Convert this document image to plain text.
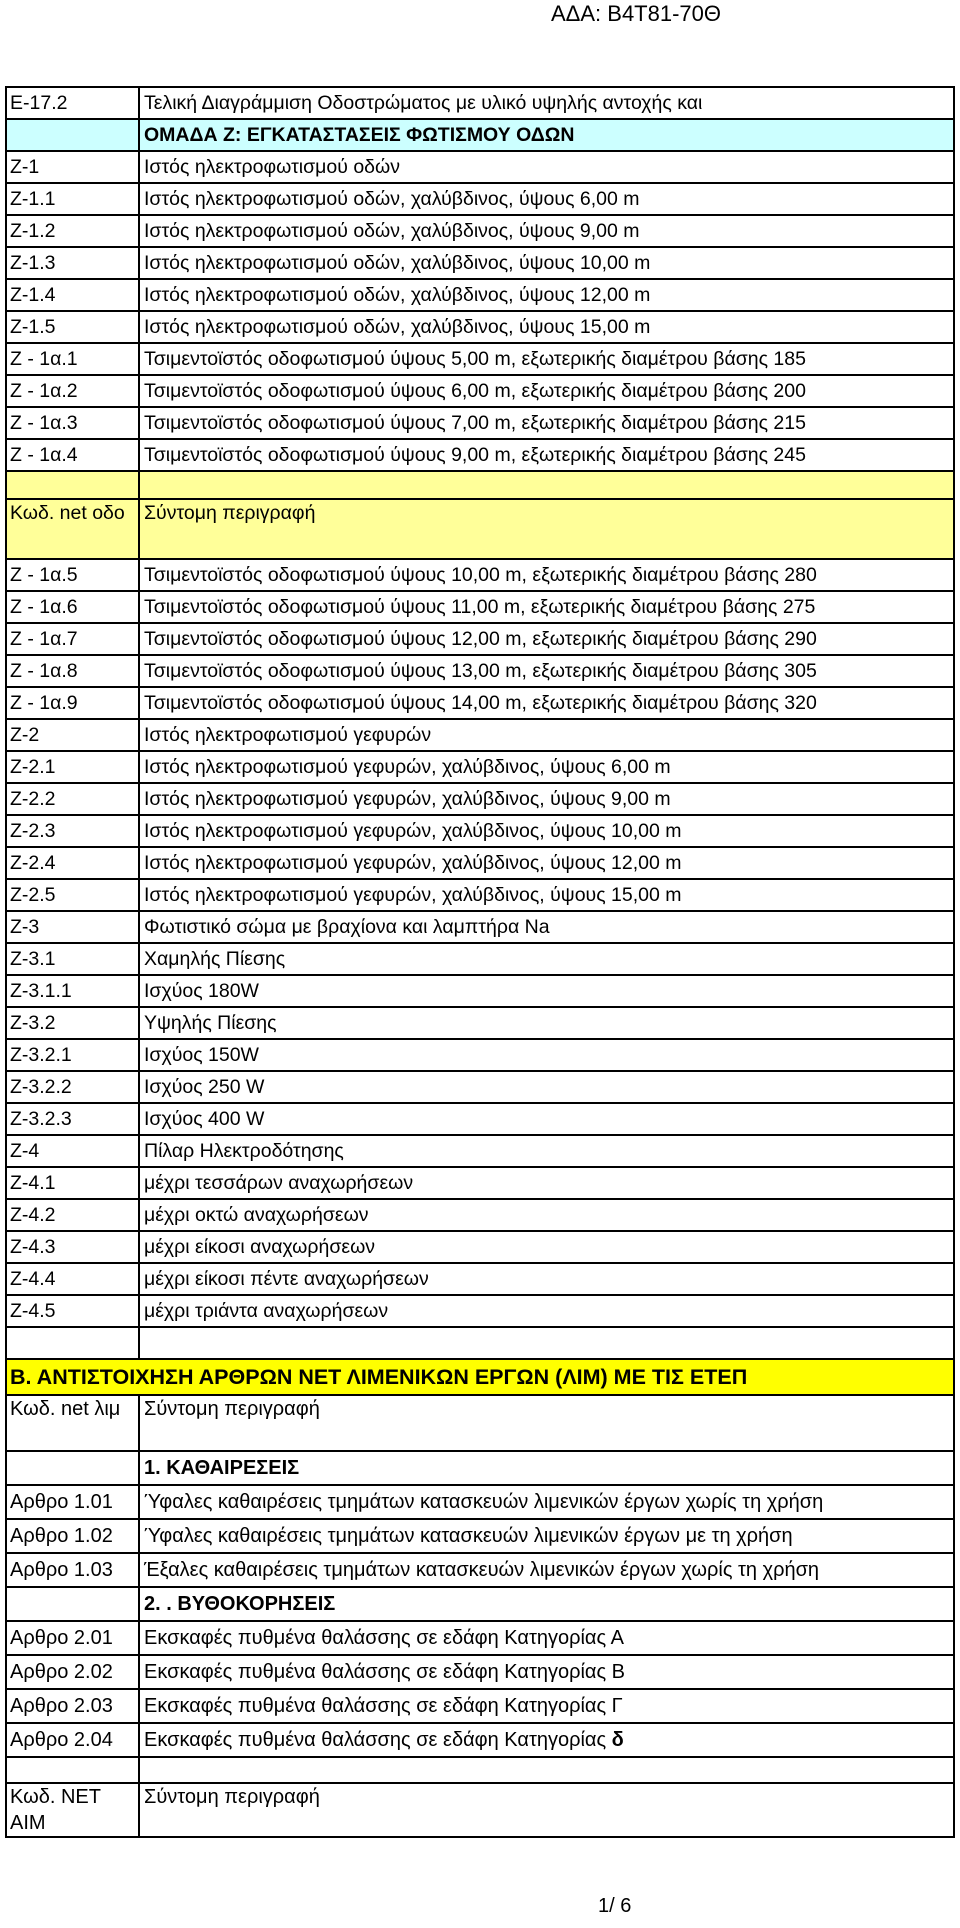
ΑΔΑ: Β4Τ81-70Θ
Ε-17.2	Τελική Διαγράμμιση Οδοστρώματος με υλικό υψηλής αντοχής και
	ΟΜΑΔΑ Ζ: ΕΓΚΑΤΑΣΤΑΣΕΙΣ ΦΩΤΙΣΜΟΥ ΟΔΩΝ
Ζ-1	Ιστός ηλεκτροφωτισμού οδών
Ζ-1.1	Ιστός ηλεκτροφωτισμού οδών, χαλύβδινος, ύψους 6,00 m
Ζ-1.2	Ιστός ηλεκτροφωτισμού οδών, χαλύβδινος, ύψους 9,00 m
Ζ-1.3	Ιστός ηλεκτροφωτισμού οδών, χαλύβδινος, ύψους 10,00 m
Ζ-1.4	Ιστός ηλεκτροφωτισμού οδών, χαλύβδινος, ύψους 12,00 m
Ζ-1.5	Ιστός ηλεκτροφωτισμού οδών, χαλύβδινος, ύψους 15,00 m
Ζ - 1α.1	Τσιμεντοϊστός οδοφωτισμού ύψους 5,00 m, εξωτερικής διαμέτρου βάσης 185
Ζ - 1α.2	Τσιμεντοϊστός οδοφωτισμού ύψους 6,00 m, εξωτερικής διαμέτρου βάσης 200
Ζ - 1α.3	Τσιμεντοϊστός οδοφωτισμού ύψους 7,00 m, εξωτερικής διαμέτρου βάσης 215
Ζ - 1α.4	Τσιμεντοϊστός οδοφωτισμού ύψους 9,00 m, εξωτερικής διαμέτρου βάσης 245

Κωδ. net οδο	Σύντομη περιγραφή
Ζ - 1α.5	Τσιμεντοϊστός οδοφωτισμού ύψους 10,00 m, εξωτερικής διαμέτρου βάσης 280
Ζ - 1α.6	Τσιμεντοϊστός οδοφωτισμού ύψους 11,00 m, εξωτερικής διαμέτρου βάσης 275
Ζ - 1α.7	Τσιμεντοϊστός οδοφωτισμού ύψους 12,00 m, εξωτερικής διαμέτρου βάσης 290
Ζ - 1α.8	Τσιμεντοϊστός οδοφωτισμού ύψους 13,00 m, εξωτερικής διαμέτρου βάσης 305
Ζ - 1α.9	Τσιμεντοϊστός οδοφωτισμού ύψους 14,00 m, εξωτερικής διαμέτρου βάσης 320
Ζ-2	Ιστός ηλεκτροφωτισμού γεφυρών
Ζ-2.1	Ιστός ηλεκτροφωτισμού γεφυρών, χαλύβδινος, ύψους 6,00 m
Ζ-2.2	Ιστός ηλεκτροφωτισμού γεφυρών, χαλύβδινος, ύψους 9,00 m
Ζ-2.3	Ιστός ηλεκτροφωτισμού γεφυρών, χαλύβδινος, ύψους 10,00 m
Ζ-2.4	Ιστός ηλεκτροφωτισμού γεφυρών, χαλύβδινος, ύψους 12,00 m
Ζ-2.5	Ιστός ηλεκτροφωτισμού γεφυρών, χαλύβδινος, ύψους 15,00 m
Ζ-3	Φωτιστικό σώμα με βραχίονα και λαμπτήρα Na
Ζ-3.1	Χαμηλής Πίεσης
Ζ-3.1.1	Ισχύος 180W
Ζ-3.2	Υψηλής Πίεσης
Ζ-3.2.1	Ισχύος 150W
Ζ-3.2.2	Ισχύος 250 W
Ζ-3.2.3	Ισχύος 400 W
Ζ-4	Πίλαρ Ηλεκτροδότησης
Ζ-4.1	μέχρι τεσσάρων αναχωρήσεων
Ζ-4.2	μέχρι οκτώ αναχωρήσεων
Ζ-4.3	μέχρι είκοσι αναχωρήσεων
Ζ-4.4	μέχρι είκοσι πέντε αναχωρήσεων
Ζ-4.5	μέχρι τριάντα αναχωρήσεων

Β. ΑΝΤΙΣΤΟΙΧΗΣΗ ΑΡΘΡΩΝ ΝΕΤ ΛΙΜΕΝΙΚΩΝ ΕΡΓΩΝ (ΛΙΜ) ΜΕ ΤΙΣ ΕΤΕΠ	
Κωδ. net λιμ	Σύντομη περιγραφή
	1. ΚΑΘΑΙΡΕΣΕΙΣ
Αρθρο 1.01	Ύφαλες καθαιρέσεις τμημάτων κατασκευών λιμενικών έργων χωρίς τη χρήση
Αρθρο 1.02	Ύφαλες καθαιρέσεις τμημάτων κατασκευών λιμενικών έργων με τη χρήση
Αρθρο 1.03	Έξαλες καθαιρέσεις τμημάτων κατασκευών λιμενικών έργων χωρίς τη χρήση
	2. . ΒΥΘΟΚΟΡΗΣΕΙΣ
Αρθρο 2.01	Εκσκαφές πυθμένα θαλάσσης σε εδάφη Κατηγορίας Α
Αρθρο 2.02	Εκσκαφές πυθμένα θαλάσσης σε εδάφη Κατηγορίας Β
Αρθρο 2.03	Εκσκαφές πυθμένα θαλάσσης σε εδάφη Κατηγορίας Γ
Αρθρο 2.04	Εκσκαφές πυθμένα θαλάσσης σε εδάφη Κατηγορίας δ

Κωδ. ΝΕΤ ΑΙΜ	Σύντομη περιγραφή
1/ 6
